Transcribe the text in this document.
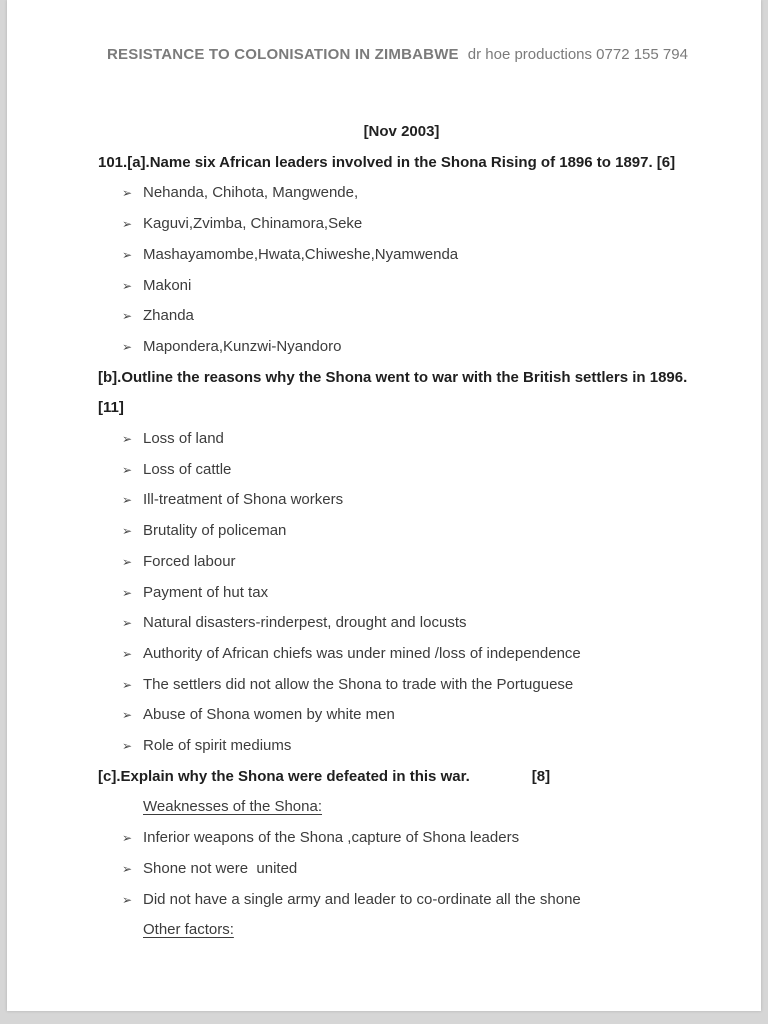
RESISTANCE TO COLONISATION IN ZIMBABWE dr hoe productions 0772 155 794
[Nov 2003]
101.[a].Name six African leaders involved in the Shona Rising of 1896 to 1897. [6]
➢ Nehanda, Chihota, Mangwende,
➢ Kaguvi,Zvimba, Chinamora,Seke
➢ Mashayamombe,Hwata,Chiweshe,Nyamwenda
➢ Makoni
➢ Zhanda
➢ Mapondera,Kunzwi-Nyandoro
[b].Outline the reasons why the Shona went to war with the British settlers in 1896. [11]
➢ Loss of land
➢ Loss of cattle
➢ Ill-treatment of Shona workers
➢ Brutality of policeman
➢ Forced labour
➢ Payment of hut tax
➢ Natural disasters-rinderpest, drought and locusts
➢ Authority of African chiefs was under mined /loss of independence
➢ The settlers did not allow the Shona to trade with the Portuguese
➢ Abuse of Shona women by white men
➢ Role of spirit mediums
[c].Explain why the Shona were defeated in this war.	[8]
Weaknesses of the Shona:
➢ Inferior weapons of the Shona ,capture of Shona leaders
➢ Shone not were  united
➢ Did not have a single army and leader to co-ordinate all the shone
Other factors:
